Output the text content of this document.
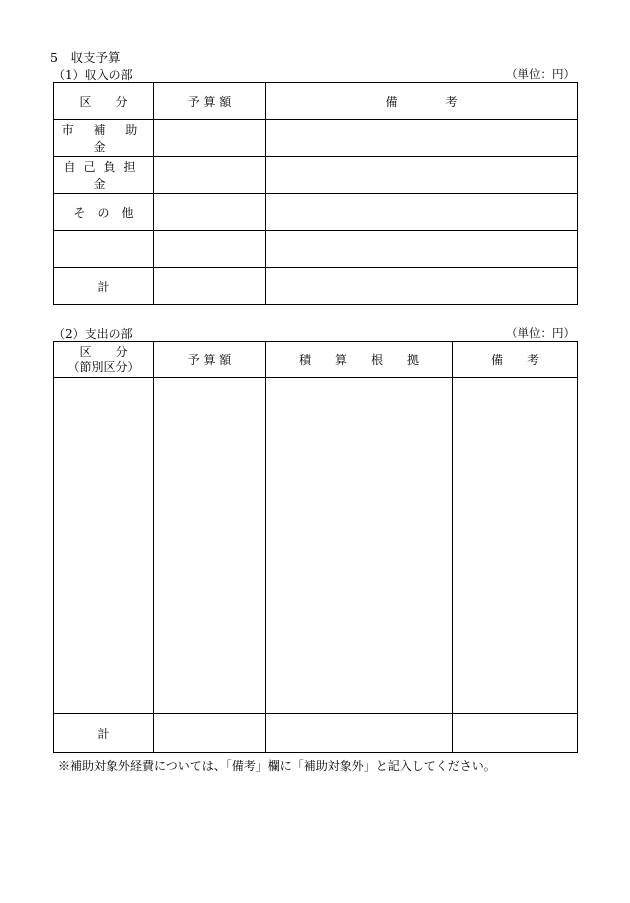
5　収支予算
（1）収入の部	（単位：円）
区　　分	予 算 額	備　　　　考
市 補 助 金		
自己負担金		
そ　の　他		

計		
（2）支出の部	（単位：円）
区　　分
（節別区分）	予 算 額	積　　算　　根　　拠	備　　考

計			
※補助対象外経費については、「備考」欄に「補助対象外」と記入してください。
